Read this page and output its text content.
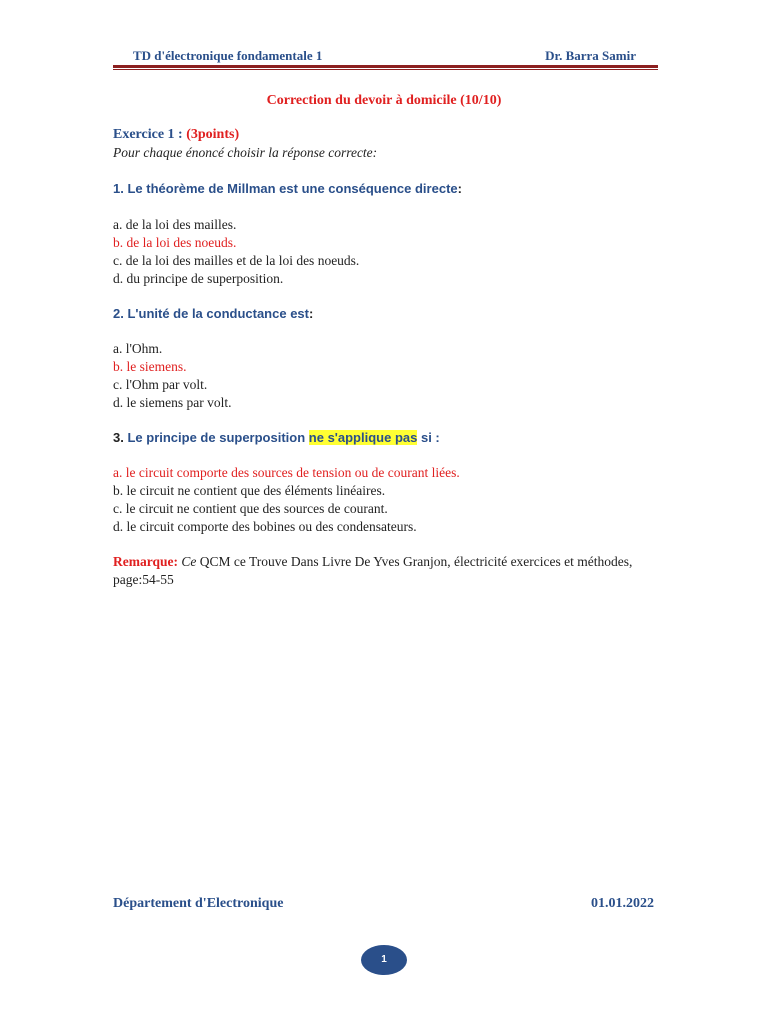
TD d'électronique fondamentale 1	Dr. Barra Samir
Correction du devoir à domicile (10/10)

Exercice 1 : (3points)

Pour chaque énoncé choisir la réponse correcte:

1. Le théorème de Millman est une conséquence directe:

a. de la loi des mailles.

b. de la loi des noeuds.

c. de la loi des mailles et de la loi des noeuds.

d. du principe de superposition.

2. L'unité de la conductance est:

a. l'Ohm.

b. le siemens.

c. l'Ohm par volt.

d. le siemens par volt.

3. Le principe de superposition ne s'applique pas si :

a. le circuit comporte des sources de tension ou de courant liées.

b. le circuit ne contient que des éléments linéaires.

c. le circuit ne contient que des sources de courant.

d. le circuit comporte des bobines ou des condensateurs.

Remarque: Ce QCM ce Trouve Dans Livre De Yves Granjon, électricité exercices et méthodes, page:54-55

Département d'Electronique	01.01.2022
1
